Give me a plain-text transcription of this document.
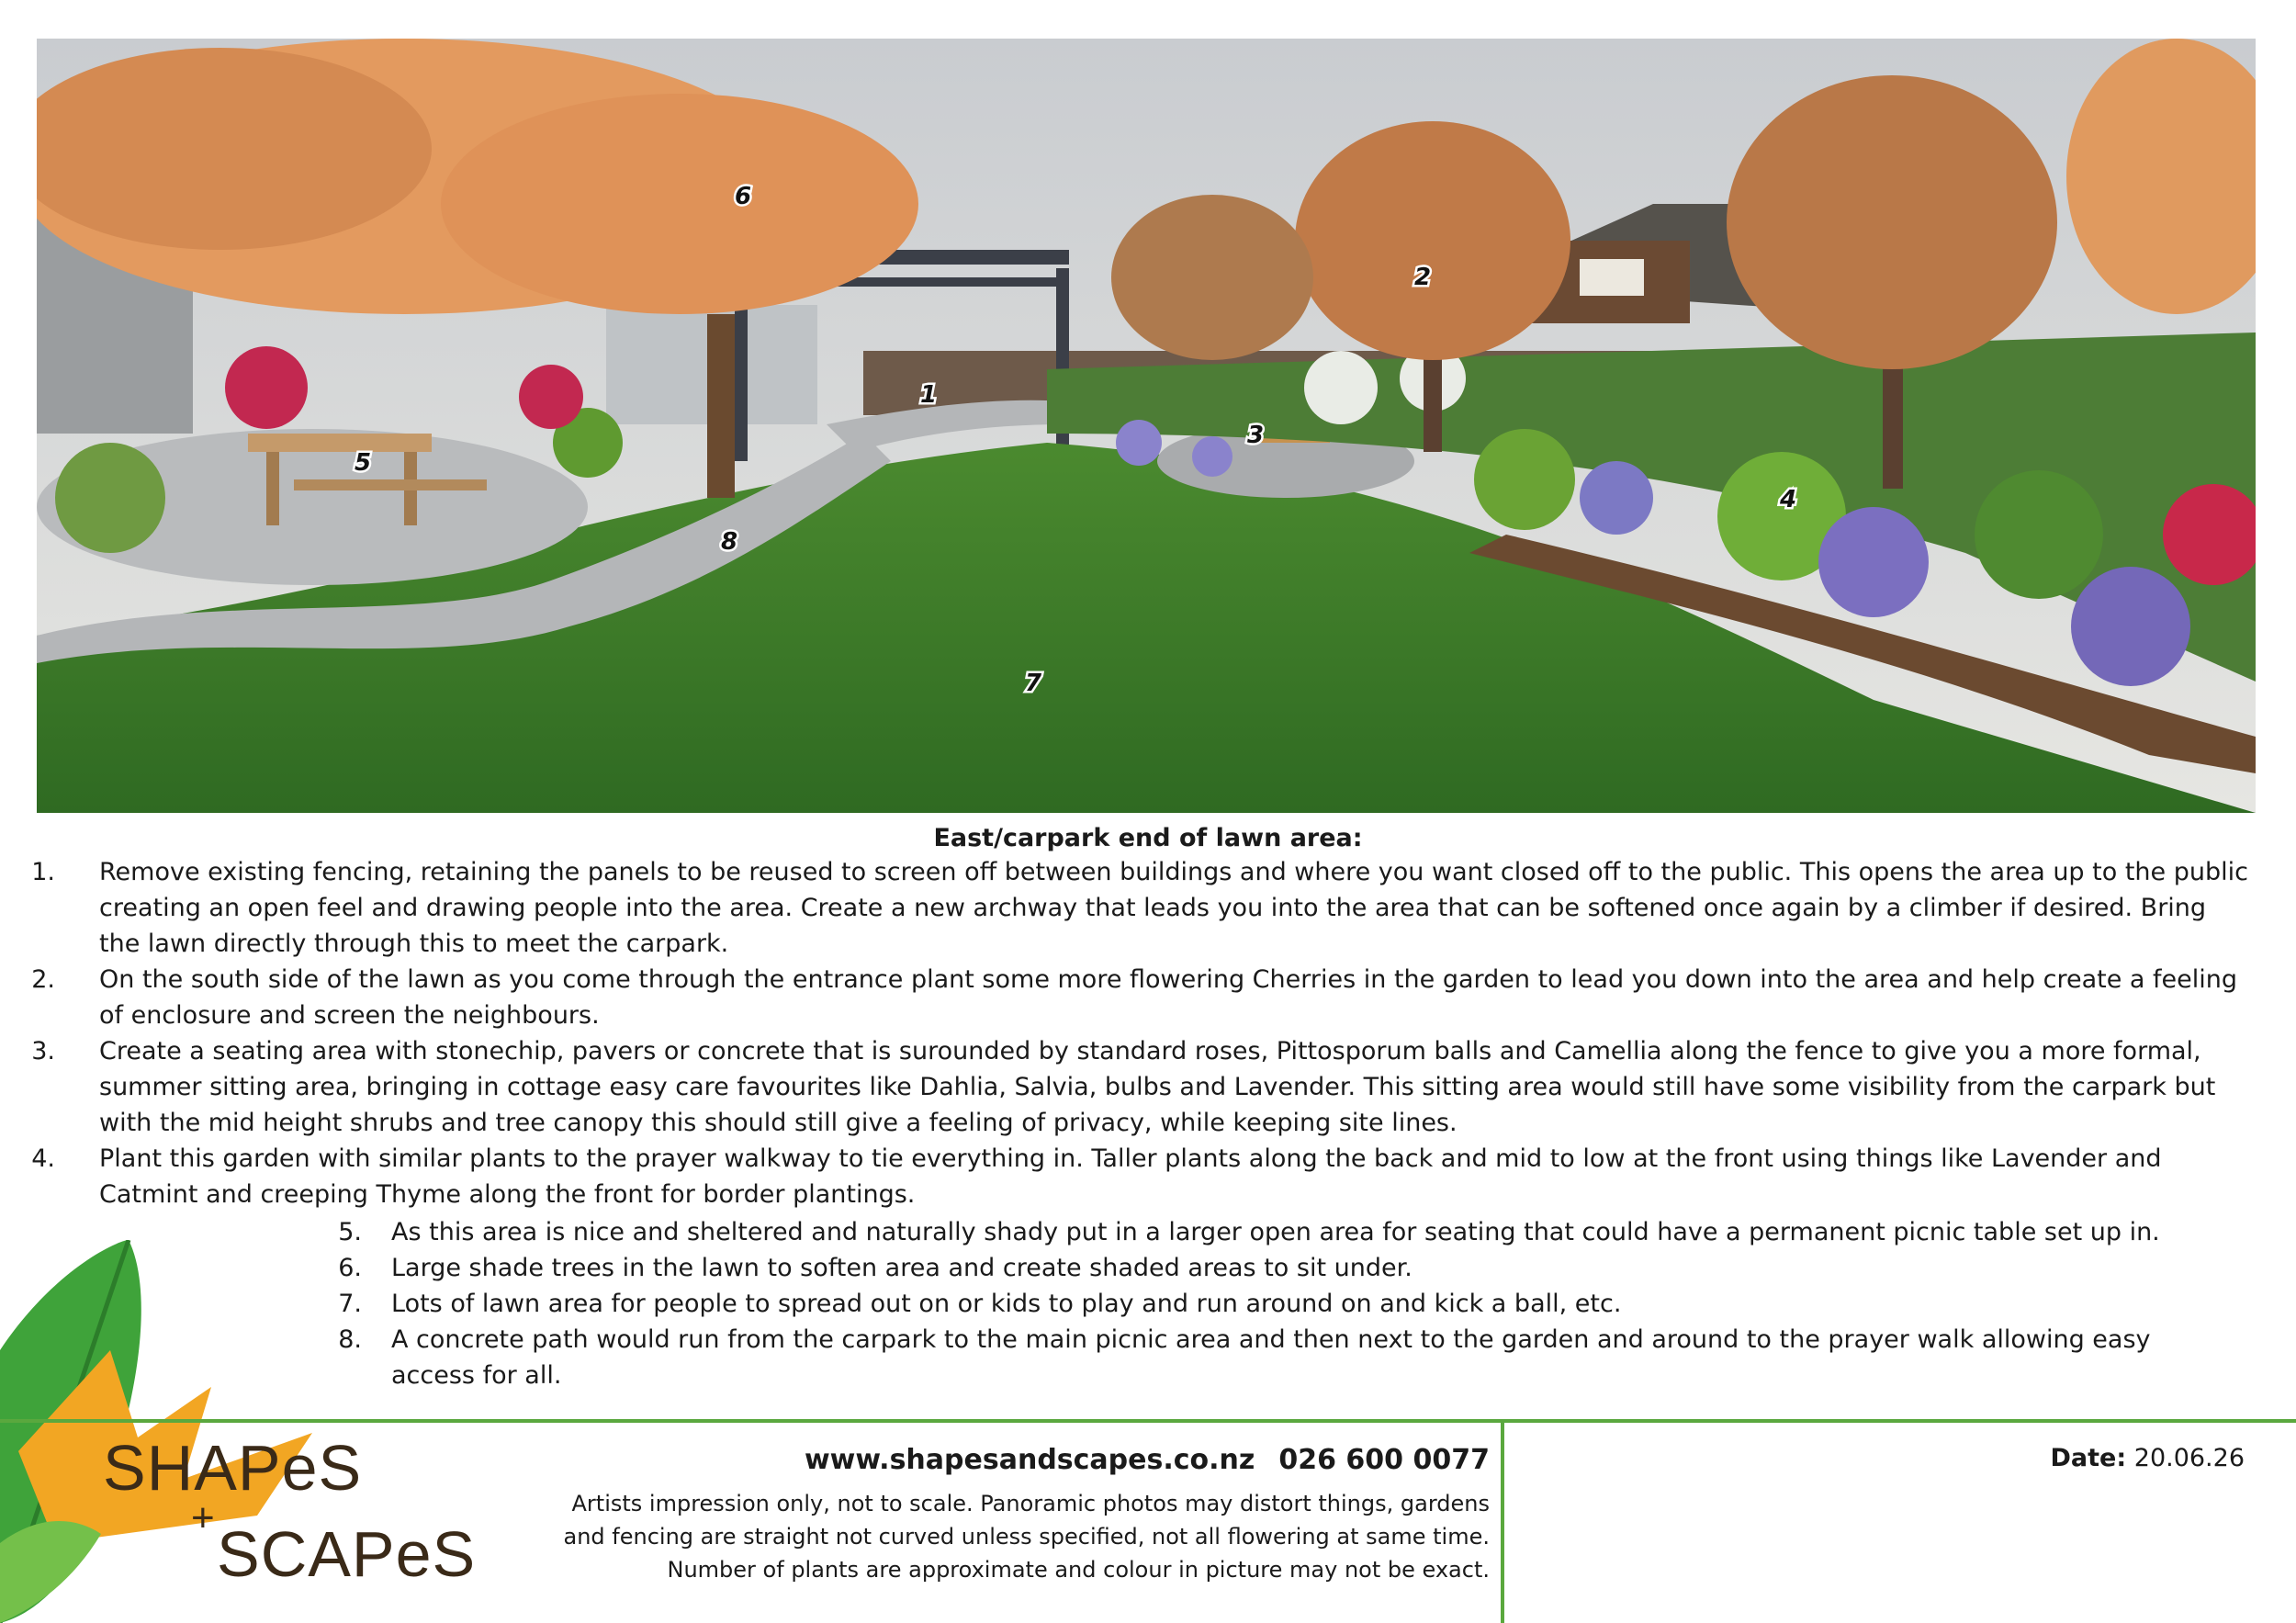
1
2
3
4
5
6
7
8
East/carpark end of lawn area:
1.	Remove existing fencing, retaining the panels to be reused to screen off between buildings and where you want closed off to the public. This opens the area up to the public creating an open feel and drawing people into the area. Create a new archway that leads you into the area that can be softened once again by a climber if desired. Bring the lawn directly through this to meet the carpark.
2.	On the south side of the lawn as you come through the entrance plant some more flowering Cherries in the garden to lead you down into the area and help create a feeling of enclosure and screen the neighbours.
3.	Create a seating area with stonechip, pavers or concrete that is surounded by standard roses, Pittosporum balls and Camellia along the fence to give you a more formal, summer sitting area, bringing in cottage easy care favourites like Dahlia, Salvia, bulbs and Lavender. This sitting area would still have some visibility from the carpark but with the mid height shrubs and tree canopy this should still give a feeling of privacy, while keeping site lines.
4.	Plant this garden with similar plants to the prayer walkway to tie everything in. Taller plants along the back and mid to low at the front using things like Lavender and Catmint and creeping Thyme along the front for border plantings.
5.	As this area is nice and sheltered and naturally shady put in a larger open area for seating that could have a permanent picnic table set up in.
6.	Large shade trees in the lawn to soften area and create shaded areas to sit under.
7.	Lots of lawn area for people to spread out on or kids to play and run around on and kick a ball, etc.
8.	A concrete path would run from the carpark to the main picnic area and then next to the garden and around to the prayer walk allowing easy access for all.
SHAPeS
+
SCAPeS
www.shapesandscapes.co.nz 026 600 0077
Artists impression only, not to scale. Panoramic photos may distort things, gardens
and fencing are straight not curved unless specified, not all flowering at same time.
Number of plants are approximate and colour in picture may not be exact.
Date: 20.06.26
